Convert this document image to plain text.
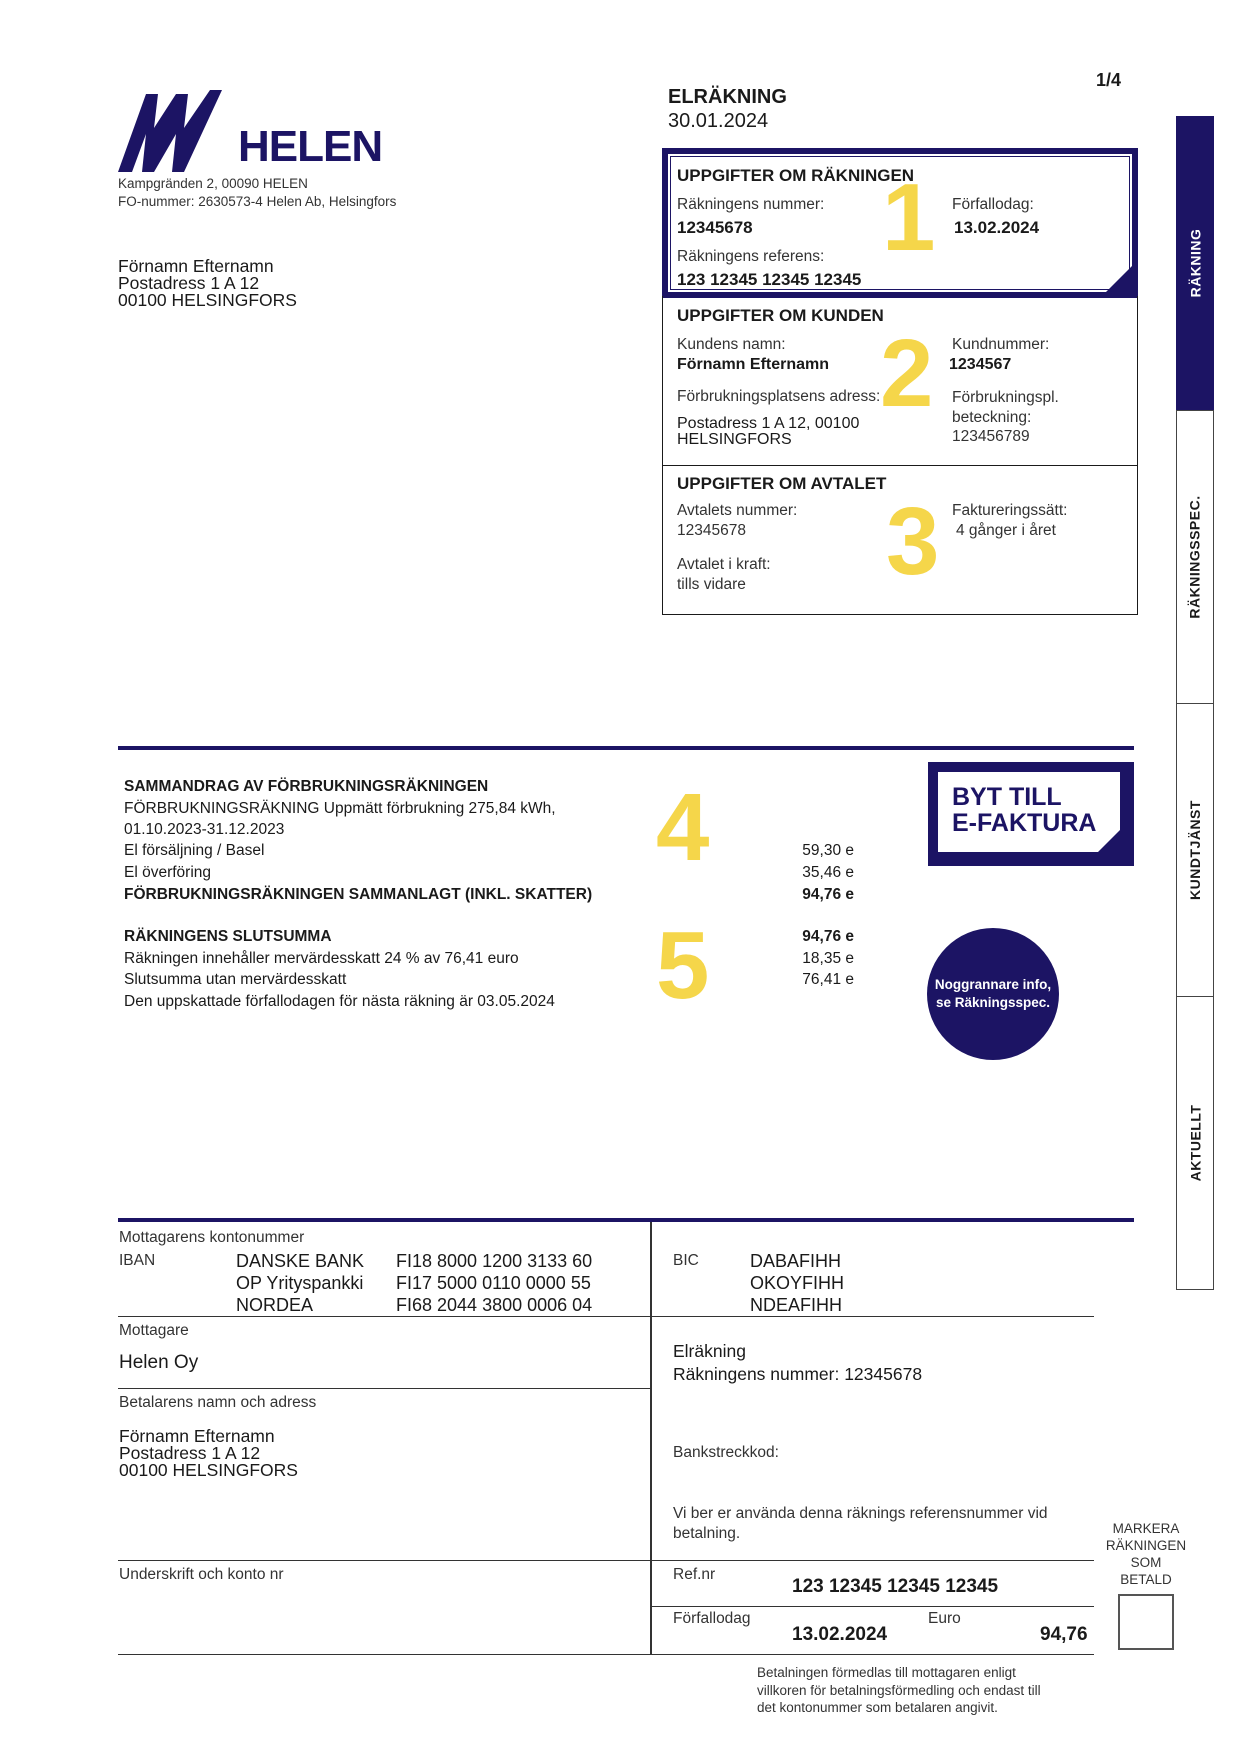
1/4
HELEN
Kampgränden 2, 00090 HELEN
FO-nummer: 2630573-4 Helen Ab, Helsingfors
Förnamn Efternamn
Postadress 1 A 12
00100 HELSINGFORS
ELRÄKNING
30.01.2024
UPPGIFTER OM RÄKNINGEN
1
Räkningens nummer:
12345678
Räkningens referens:
123 12345 12345 12345
Förfallodag:
13.02.2024
UPPGIFTER OM KUNDEN
2
Kundens namn:
Förnamn Efternamn
Förbrukningsplatsens adress:
Postadress 1 A 12, 00100
HELSINGFORS
Kundnummer:
1234567
Förbrukningspl.
beteckning:
123456789
UPPGIFTER OM AVTALET
3
Avtalets nummer:
12345678
Avtalet i kraft:
tills vidare
Faktureringssätt:
4 gånger i året
RÄKNING
RÄKNINGSSPEC.
KUNDTJÄNST
AKTUELLT
SAMMANDRAG AV FÖRBRUKNINGSRÄKNINGEN
FÖRBRUKNINGSRÄKNING Uppmätt förbrukning 275,84 kWh,
01.10.2023-31.12.2023
El försäljning / Basel
El överföring
FÖRBRUKNINGSRÄKNINGEN SAMMANLAGT (INKL. SKATTER)
59,30 e
35,46 e
94,76 e
4
RÄKNINGENS SLUTSUMMA
Räkningen innehåller mervärdesskatt 24 % av 76,41 euro
Slutsumma utan mervärdesskatt
Den uppskattade förfallodagen för nästa räkning är 03.05.2024
94,76 e
18,35 e
76,41 e
5
BYT TILL
E-FAKTURA
Noggrannare info,
se Räkningsspec.
Mottagarens kontonummer
IBAN	DANSKE BANK
OP Yrityspankki
NORDEA
FI18 8000 1200 3133 60
FI17 5000 0110 0000 55
FI68 2044 3800 0006 04
BIC	DABAFIHH
OKOYFIHH
NDEAFIHH
Mottagare
Helen Oy
Betalarens namn och adress
Förnamn Efternamn
Postadress 1 A 12
00100 HELSINGFORS
Underskrift och konto nr
Elräkning
Räkningens nummer: 12345678
Bankstreckkod:
Vi ber er använda denna räknings referensnummer vid
betalning.
Ref.nr
123 12345 12345 12345
Förfallodag
13.02.2024
Euro
94,76
MARKERA
RÄKNINGEN
SOM
BETALD
Betalningen förmedlas till mottagaren enligt
villkoren för betalningsförmedling och endast till
det kontonummer som betalaren angivit.
